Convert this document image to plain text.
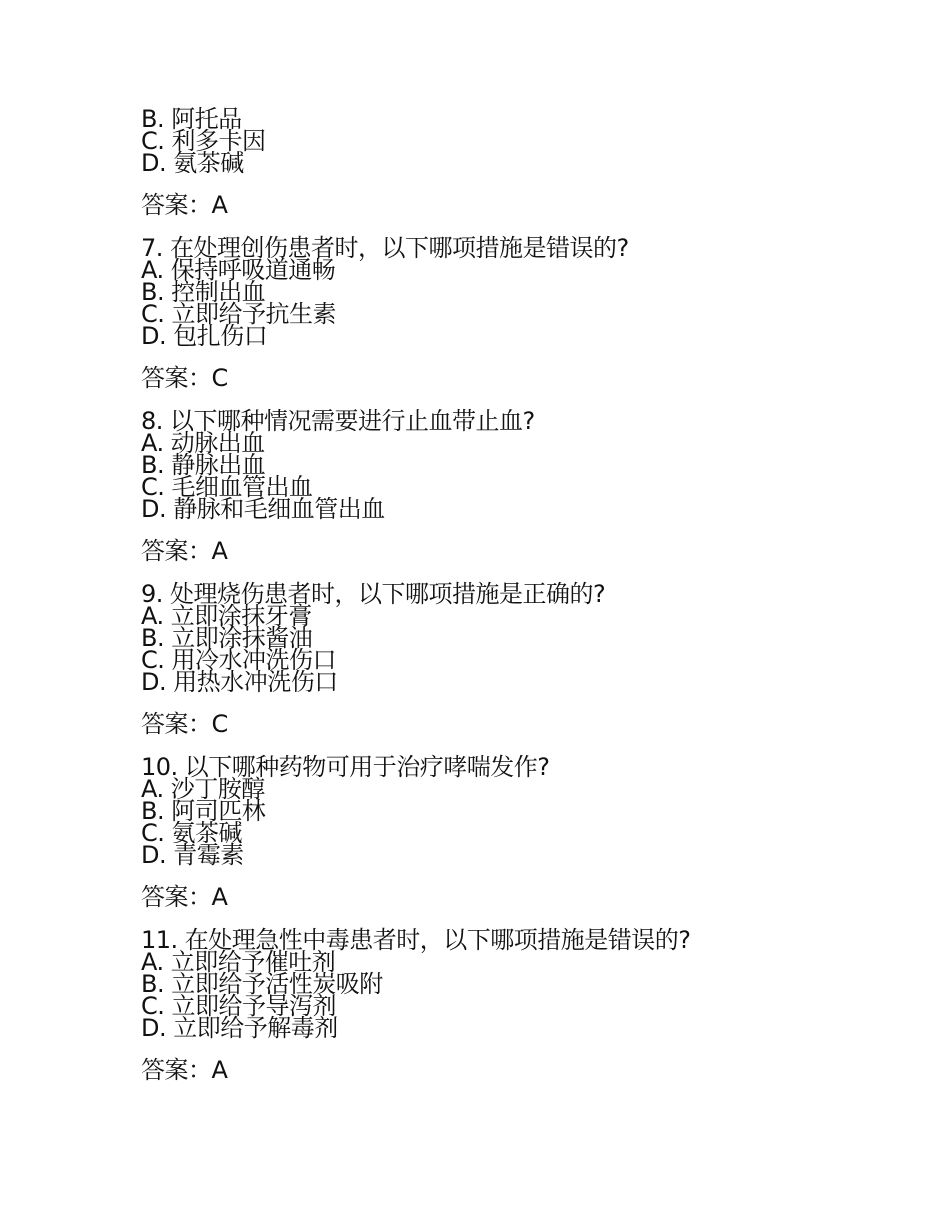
B. 阿托品
C. 利多卡因
D. 氨茶碱
答案：A
7. 在处理创伤患者时，以下哪项措施是错误的?
A. 保持呼吸道通畅
B. 控制出血
C. 立即给予抗生素
D. 包扎伤口
答案：C
8. 以下哪种情况需要进行止血带止血?
A. 动脉出血
B. 静脉出血
C. 毛细血管出血
D. 静脉和毛细血管出血
答案：A
9. 处理烧伤患者时，以下哪项措施是正确的?
A. 立即涂抹牙膏
B. 立即涂抹酱油
C. 用冷水冲洗伤口
D. 用热水冲洗伤口
答案：C
10. 以下哪种药物可用于治疗哮喘发作?
A. 沙丁胺醇
B. 阿司匹林
C. 氨茶碱
D. 青霉素
答案：A
11. 在处理急性中毒患者时，以下哪项措施是错误的?
A. 立即给予催吐剂
B. 立即给予活性炭吸附
C. 立即给予导泻剂
D. 立即给予解毒剂
答案：A
